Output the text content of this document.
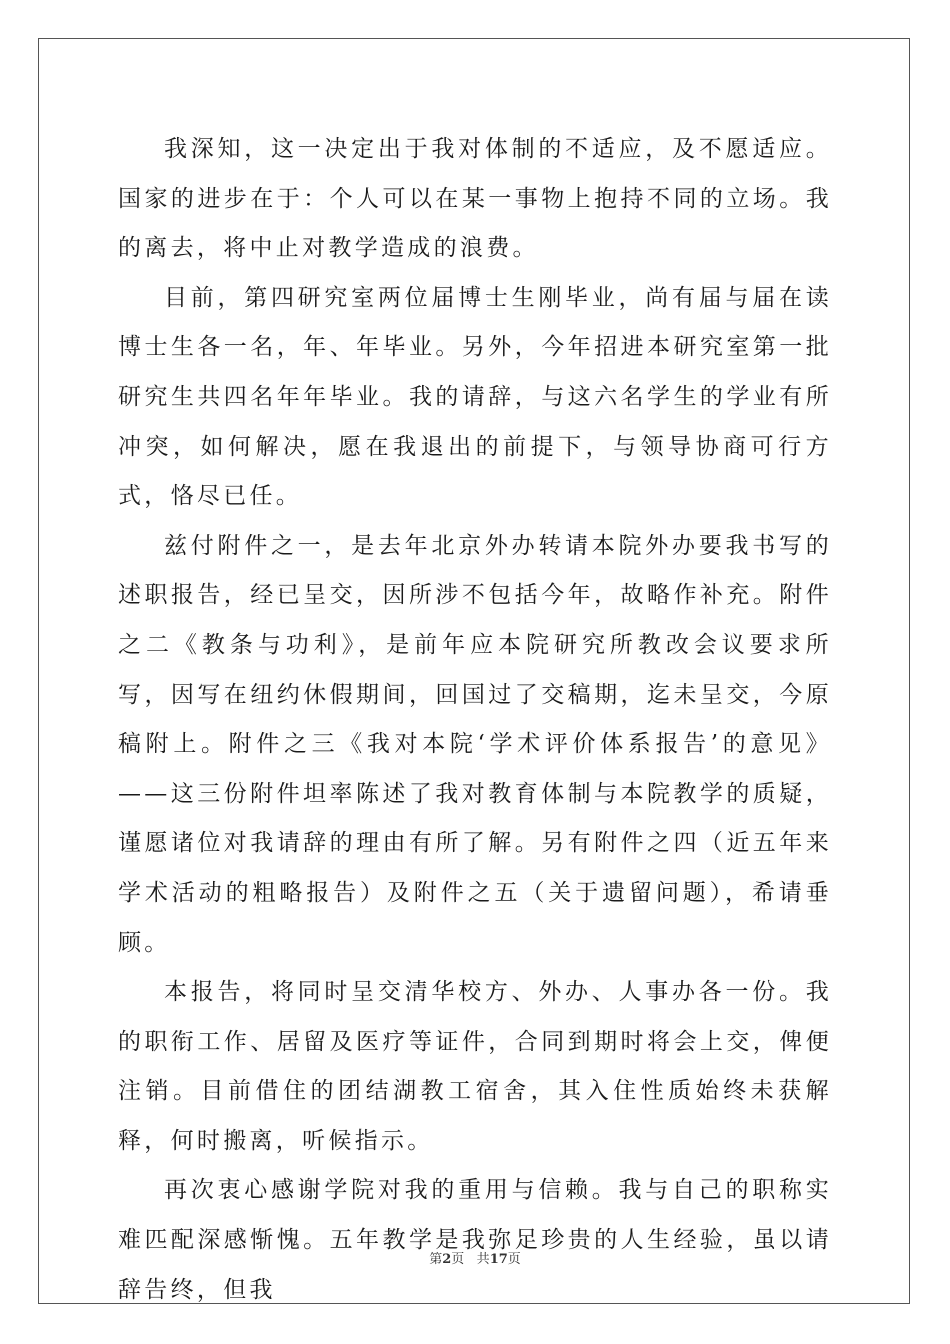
我深知，这一决定出于我对体制的不适应，及不愿适应。国家的进步在于：个人可以在某一事物上抱持不同的立场。我的离去，将中止对教学造成的浪费。

目前，第四研究室两位届博士生刚毕业，尚有届与届在读博士生各一名，年、年毕业。另外，今年招进本研究室第一批研究生共四名年年毕业。我的请辞，与这六名学生的学业有所冲突，如何解决，愿在我退出的前提下，与领导协商可行方式，恪尽已任。

兹付附件之一，是去年北京外办转请本院外办要我书写的述职报告，经已呈交，因所涉不包括今年，故略作补充。附件之二《教条与功利》，是前年应本院研究所教改会议要求所写，因写在纽约休假期间，回国过了交稿期，迄未呈交，今原稿附上。附件之三《我对本院‘学术评价体系报告’的意见》——这三份附件坦率陈述了我对教育体制与本院教学的质疑，谨愿诸位对我请辞的理由有所了解。另有附件之四（近五年来学术活动的粗略报告）及附件之五（关于遗留问题），希请垂顾。

本报告，将同时呈交清华校方、外办、人事办各一份。我的职衔工作、居留及医疗等证件，合同到期时将会上交，俾便注销。目前借住的团结湖教工宿舍，其入住性质始终未获解释，何时搬离，听候指示。

再次衷心感谢学院对我的重用与信赖。我与自己的职称实难匹配深感惭愧。五年教学是我弥足珍贵的人生经验，虽以请辞告终，但我

第2页 共17页
